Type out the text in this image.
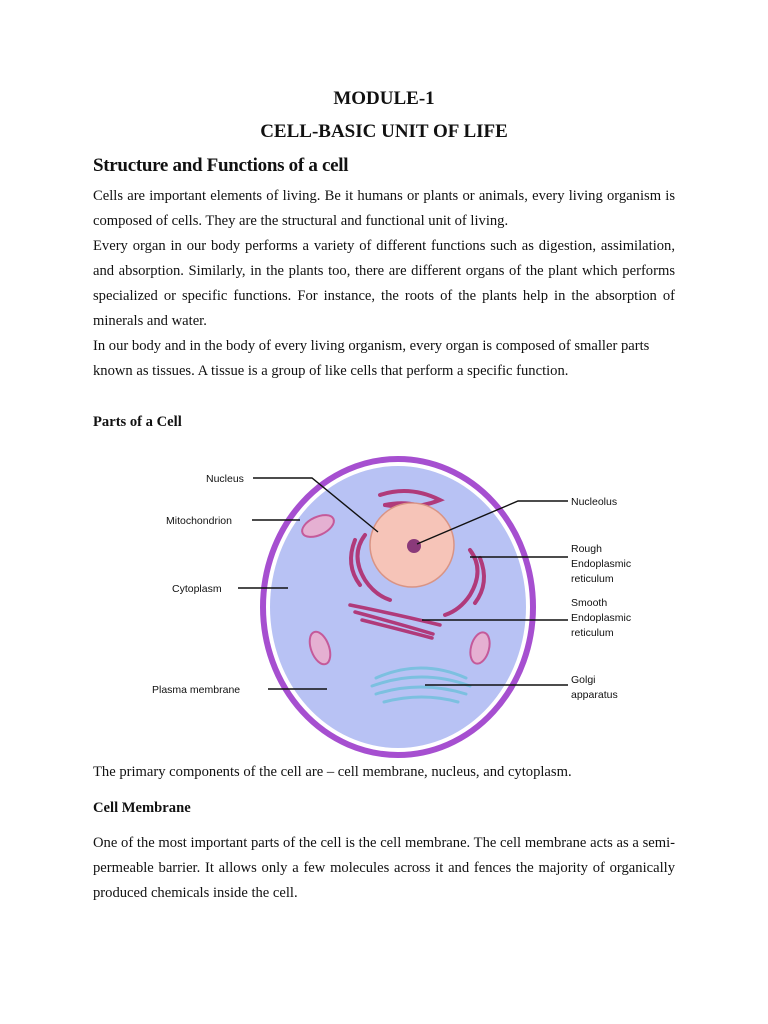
MODULE-1
CELL-BASIC UNIT OF LIFE
Structure and Functions of a cell

Cells are important elements of living. Be it humans or plants or animals, every living organism is composed of cells. They are the structural and functional unit of living.

Every organ in our body performs a variety of different functions such as digestion, assimilation, and absorption. Similarly, in the plants too, there are different organs of the plant which performs specialized or specific functions. For instance, the roots of the plants help in the absorption of minerals and water.

In our body and in the body of every living organism, every organ is composed of smaller parts known as tissues. A tissue is a group of like cells that perform a specific function.

Parts of a Cell
Nucleus
Mitochondrion
Cytoplasm
Plasma membrane
Nucleolus
Rough
Endoplasmic
reticulum
Smooth
Endoplasmic
reticulum
Golgi
apparatus

The primary components of the cell are – cell membrane, nucleus, and cytoplasm.

Cell Membrane

One of the most important parts of the cell is the cell membrane. The cell membrane acts as a semi-permeable barrier. It allows only a few molecules across it and fences the majority of organically produced chemicals inside the cell.
